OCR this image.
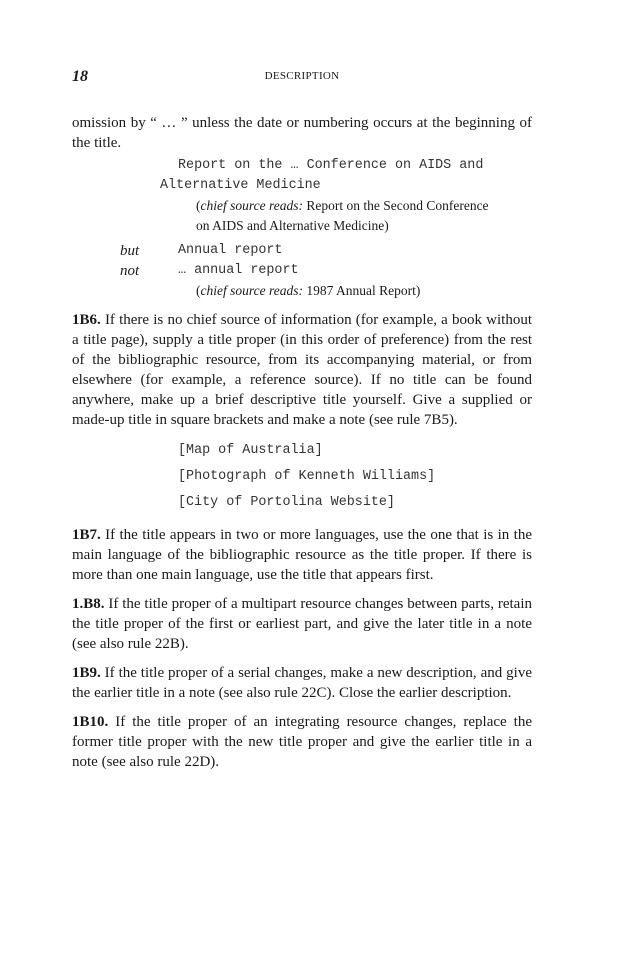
18	DESCRIPTION

omission by “ … ” unless the date or numbering occurs at the beginning of the title.

Report on the … Conference on AIDS and
Alternative Medicine
(chief source reads: Report on the Second Conference
on AIDS and Alternative Medicine)
but	Annual report
not	… annual report
(chief source reads: 1987 Annual Report)

1B6. If there is no chief source of information (for example, a book without a title page), supply a title proper (in this order of preference) from the rest of the bibliographic resource, from its accompanying material, or from elsewhere (for example, a reference source). If no title can be found anywhere, make up a brief descriptive title yourself. Give a supplied or made-up title in square brackets and make a note (see rule 7B5).

[Map of Australia]
[Photograph of Kenneth Williams]
[City of Portolina Website]

1B7. If the title appears in two or more languages, use the one that is in the main language of the bibliographic resource as the title proper. If there is more than one main language, use the title that appears first.

1.B8. If the title proper of a multipart resource changes between parts, retain the title proper of the first or earliest part, and give the later title in a note (see also rule 22B).

1B9. If the title proper of a serial changes, make a new description, and give the earlier title in a note (see also rule 22C). Close the earlier description.

1B10. If the title proper of an integrating resource changes, replace the former title proper with the new title proper and give the earlier title in a note (see also rule 22D).
